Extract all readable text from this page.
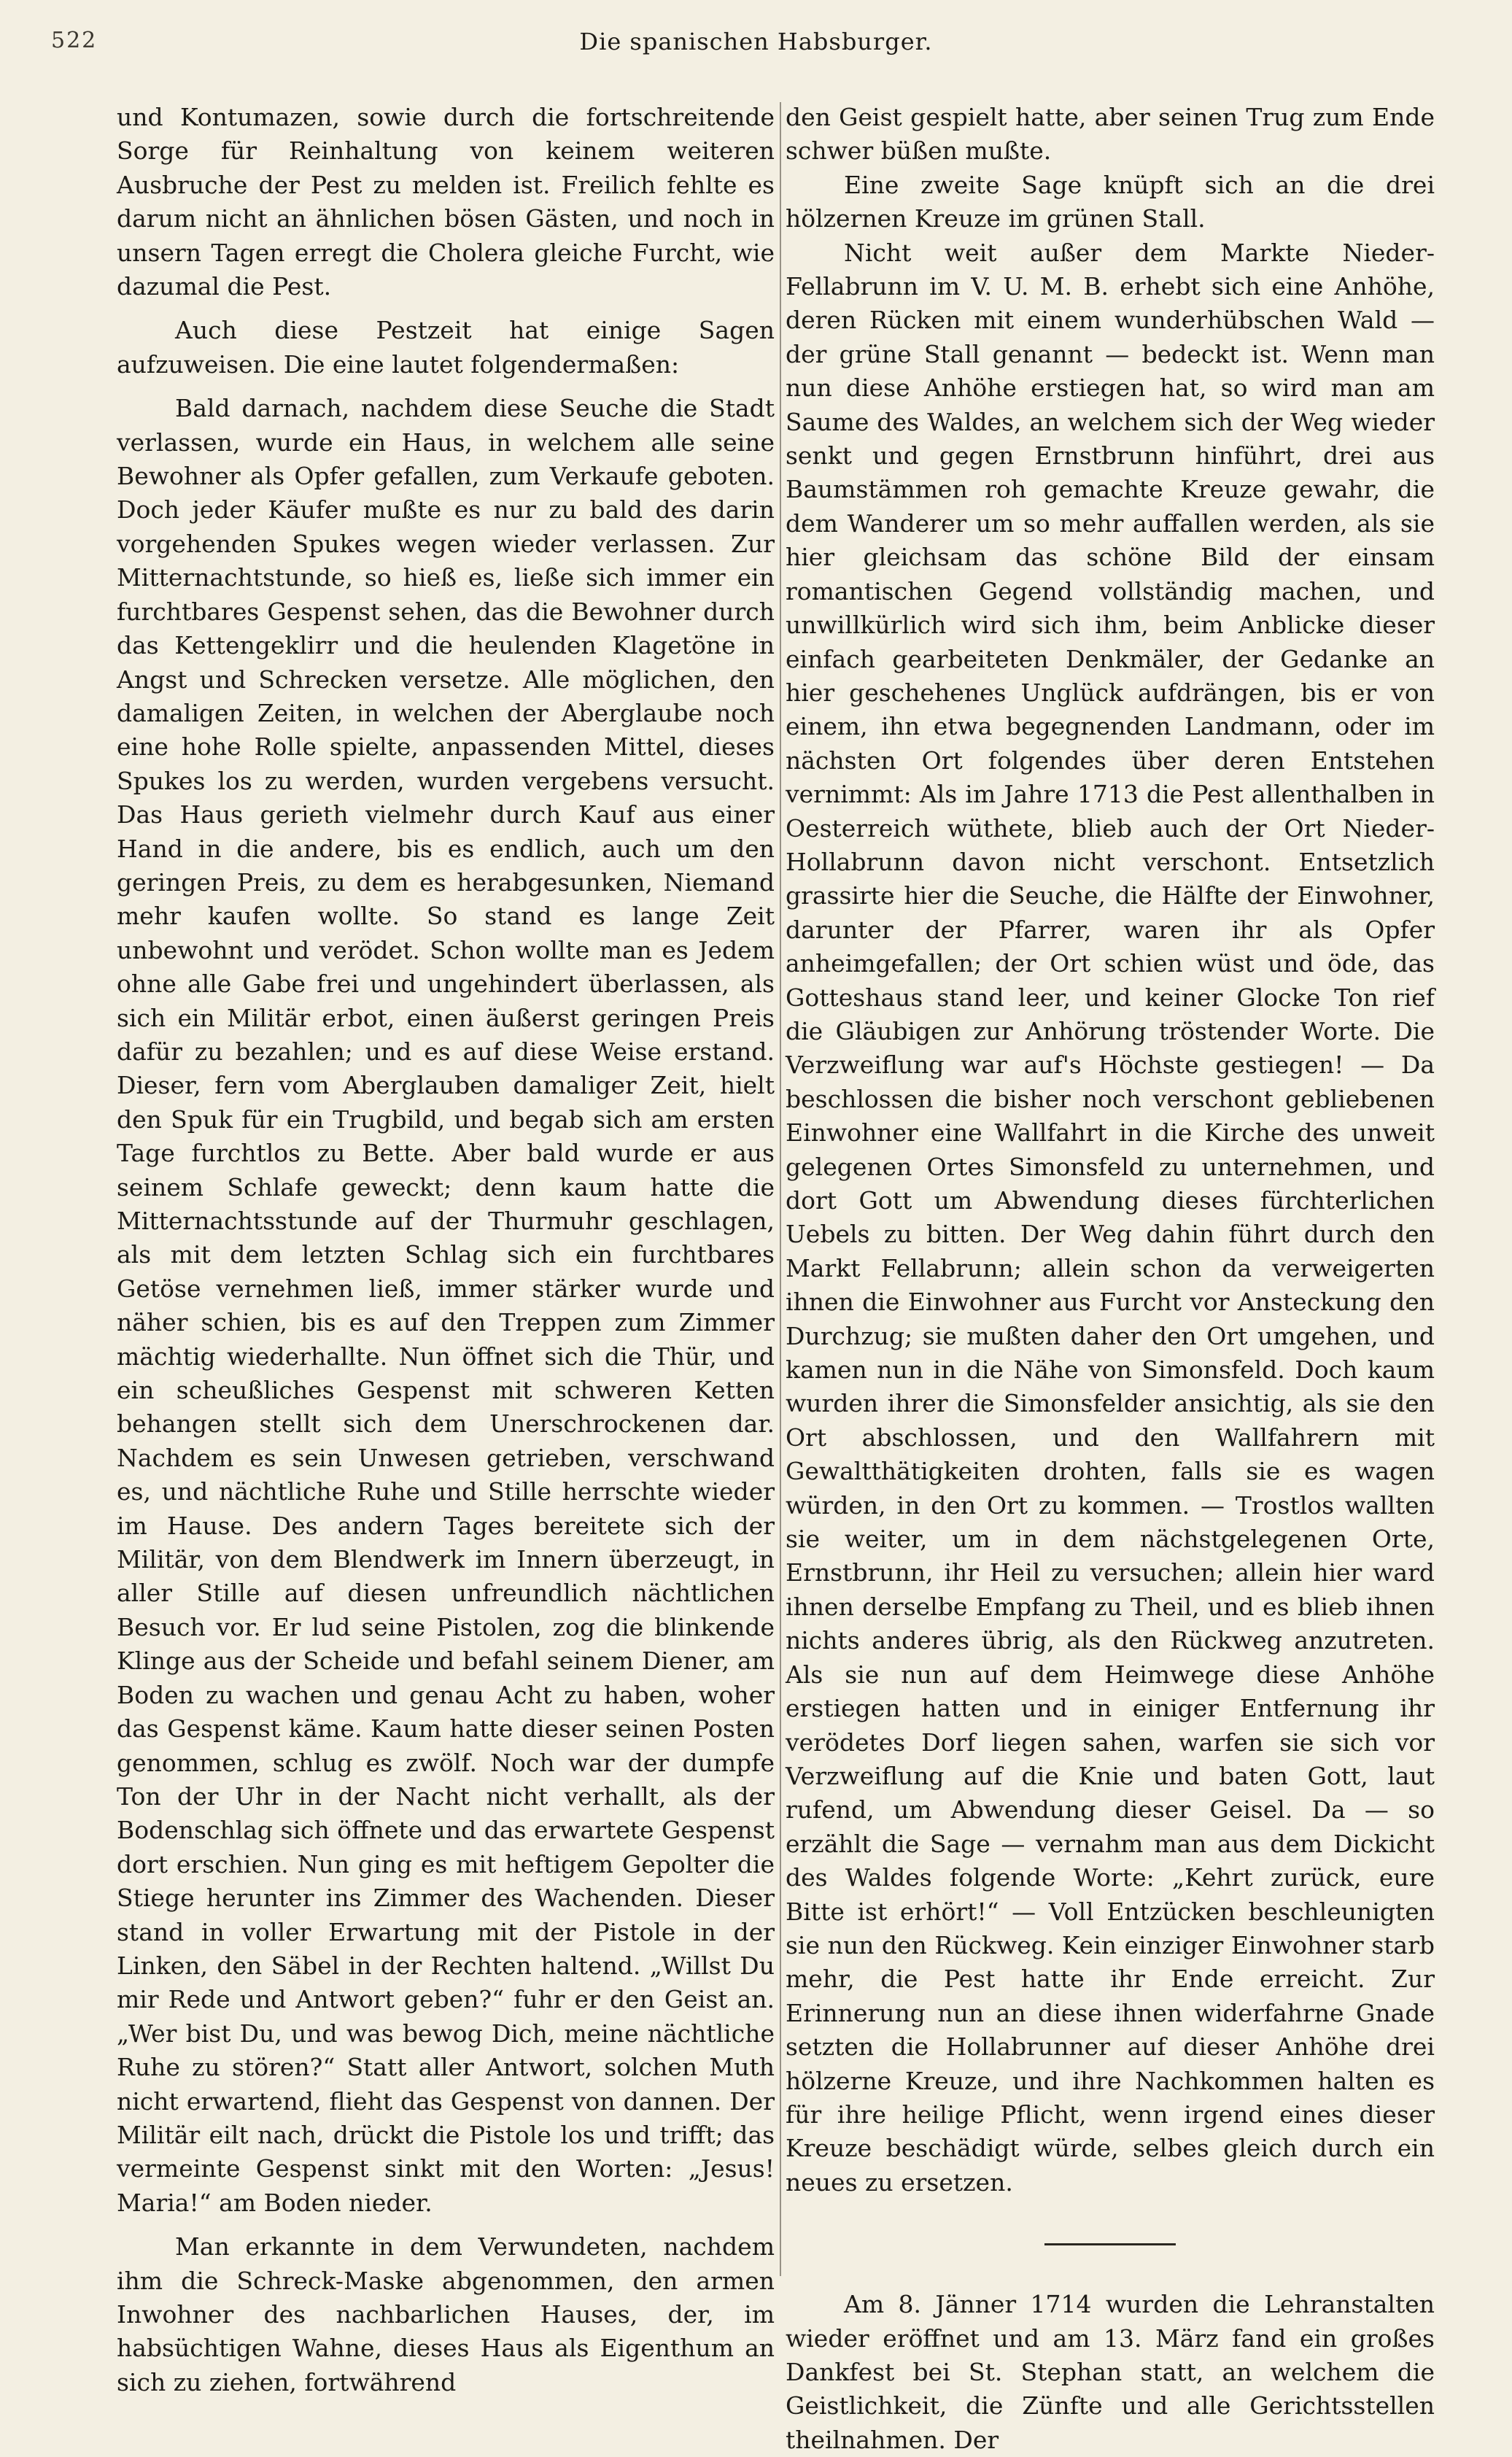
522	Die spanischen Habsburger.

und Kontumazen, sowie durch die fortschreitende Sorge für Reinhaltung von keinem weiteren Ausbruche der Pest zu melden ist. Freilich fehlte es darum nicht an ähnlichen bösen Gästen, und noch in unsern Tagen erregt die Cholera gleiche Furcht, wie dazumal die Pest.

Auch diese Pestzeit hat einige Sagen aufzuweisen. Die eine lautet folgendermaßen:

Bald darnach, nachdem diese Seuche die Stadt verlassen, wurde ein Haus, in welchem alle seine Bewohner als Opfer gefallen, zum Verkaufe geboten. Doch jeder Käufer mußte es nur zu bald des darin vorgehenden Spukes wegen wieder verlassen. Zur Mitternachtstunde, so hieß es, ließe sich immer ein furchtbares Gespenst sehen, das die Bewohner durch das Kettengeklirr und die heulenden Klagetöne in Angst und Schrecken versetze. Alle möglichen, den damaligen Zeiten, in welchen der Aberglaube noch eine hohe Rolle spielte, anpassenden Mittel, dieses Spukes los zu werden, wurden vergebens versucht. Das Haus gerieth vielmehr durch Kauf aus einer Hand in die andere, bis es endlich, auch um den geringen Preis, zu dem es herabgesunken, Niemand mehr kaufen wollte. So stand es lange Zeit unbewohnt und verödet. Schon wollte man es Jedem ohne alle Gabe frei und ungehindert überlassen, als sich ein Militär erbot, einen äußerst geringen Preis dafür zu bezahlen; und es auf diese Weise erstand. Dieser, fern vom Aberglauben damaliger Zeit, hielt den Spuk für ein Trugbild, und begab sich am ersten Tage furchtlos zu Bette. Aber bald wurde er aus seinem Schlafe geweckt; denn kaum hatte die Mitternachtsstunde auf der Thurmuhr geschlagen, als mit dem letzten Schlag sich ein furchtbares Getöse vernehmen ließ, immer stärker wurde und näher schien, bis es auf den Treppen zum Zimmer mächtig wiederhallte. Nun öffnet sich die Thür, und ein scheußliches Gespenst mit schweren Ketten behangen stellt sich dem Unerschrockenen dar. Nachdem es sein Unwesen getrieben, verschwand es, und nächtliche Ruhe und Stille herrschte wieder im Hause. Des andern Tages bereitete sich der Militär, von dem Blendwerk im Innern überzeugt, in aller Stille auf diesen unfreundlich nächtlichen Besuch vor. Er lud seine Pistolen, zog die blinkende Klinge aus der Scheide und befahl seinem Diener, am Boden zu wachen und genau Acht zu haben, woher das Gespenst käme. Kaum hatte dieser seinen Posten genommen, schlug es zwölf. Noch war der dumpfe Ton der Uhr in der Nacht nicht verhallt, als der Bodenschlag sich öffnete und das erwartete Gespenst dort erschien. Nun ging es mit heftigem Gepolter die Stiege herunter ins Zimmer des Wachenden. Dieser stand in voller Erwartung mit der Pistole in der Linken, den Säbel in der Rechten haltend. „Willst Du mir Rede und Antwort geben?“ fuhr er den Geist an. „Wer bist Du, und was bewog Dich, meine nächtliche Ruhe zu stören?“ Statt aller Antwort, solchen Muth nicht erwartend, flieht das Gespenst von dannen. Der Militär eilt nach, drückt die Pistole los und trifft; das vermeinte Gespenst sinkt mit den Worten: „Jesus! Maria!“ am Boden nieder.

Man erkannte in dem Verwundeten, nachdem ihm die Schreck-Maske abgenommen, den armen Inwohner des nachbarlichen Hauses, der, im habsüchtigen Wahne, dieses Haus als Eigenthum an sich zu ziehen, fortwährend

den Geist gespielt hatte, aber seinen Trug zum Ende schwer büßen mußte.

Eine zweite Sage knüpft sich an die drei hölzernen Kreuze im grünen Stall.

Nicht weit außer dem Markte Nieder-Fellabrunn im V. U. M. B. erhebt sich eine Anhöhe, deren Rücken mit einem wunderhübschen Wald — der grüne Stall genannt — bedeckt ist. Wenn man nun diese Anhöhe erstiegen hat, so wird man am Saume des Waldes, an welchem sich der Weg wieder senkt und gegen Ernstbrunn hinführt, drei aus Baumstämmen roh gemachte Kreuze gewahr, die dem Wanderer um so mehr auffallen werden, als sie hier gleichsam das schöne Bild der einsam romantischen Gegend vollständig machen, und unwillkürlich wird sich ihm, beim Anblicke dieser einfach gearbeiteten Denkmäler, der Gedanke an hier geschehenes Unglück aufdrängen, bis er von einem, ihn etwa begegnenden Landmann, oder im nächsten Ort folgendes über deren Entstehen vernimmt: Als im Jahre 1713 die Pest allenthalben in Oesterreich wüthete, blieb auch der Ort Nieder-Hollabrunn davon nicht verschont. Entsetzlich grassirte hier die Seuche, die Hälfte der Einwohner, darunter der Pfarrer, waren ihr als Opfer anheimgefallen; der Ort schien wüst und öde, das Gotteshaus stand leer, und keiner Glocke Ton rief die Gläubigen zur Anhörung tröstender Worte. Die Verzweiflung war auf's Höchste gestiegen! — Da beschlossen die bisher noch verschont gebliebenen Einwohner eine Wallfahrt in die Kirche des unweit gelegenen Ortes Simonsfeld zu unternehmen, und dort Gott um Abwendung dieses fürchterlichen Uebels zu bitten. Der Weg dahin führt durch den Markt Fellabrunn; allein schon da verweigerten ihnen die Einwohner aus Furcht vor Ansteckung den Durchzug; sie mußten daher den Ort umgehen, und kamen nun in die Nähe von Simonsfeld. Doch kaum wurden ihrer die Simonsfelder ansichtig, als sie den Ort abschlossen, und den Wallfahrern mit Gewaltthätigkeiten drohten, falls sie es wagen würden, in den Ort zu kommen. — Trostlos wallten sie weiter, um in dem nächstgelegenen Orte, Ernstbrunn, ihr Heil zu versuchen; allein hier ward ihnen derselbe Empfang zu Theil, und es blieb ihnen nichts anderes übrig, als den Rückweg anzutreten. Als sie nun auf dem Heimwege diese Anhöhe erstiegen hatten und in einiger Entfernung ihr verödetes Dorf liegen sahen, warfen sie sich vor Verzweiflung auf die Knie und baten Gott, laut rufend, um Abwendung dieser Geisel. Da — so erzählt die Sage — vernahm man aus dem Dickicht des Waldes folgende Worte: „Kehrt zurück, eure Bitte ist erhört!“ — Voll Entzücken beschleunigten sie nun den Rückweg. Kein einziger Einwohner starb mehr, die Pest hatte ihr Ende erreicht. Zur Erinnerung nun an diese ihnen widerfahrne Gnade setzten die Hollabrunner auf dieser Anhöhe drei hölzerne Kreuze, und ihre Nachkommen halten es für ihre heilige Pflicht, wenn irgend eines dieser Kreuze beschädigt würde, selbes gleich durch ein neues zu ersetzen.

Am 8. Jänner 1714 wurden die Lehranstalten wieder eröffnet und am 13. März fand ein großes Dankfest bei St. Stephan statt, an welchem die Geistlichkeit, die Zünfte und alle Gerichtsstellen theilnahmen. Der
